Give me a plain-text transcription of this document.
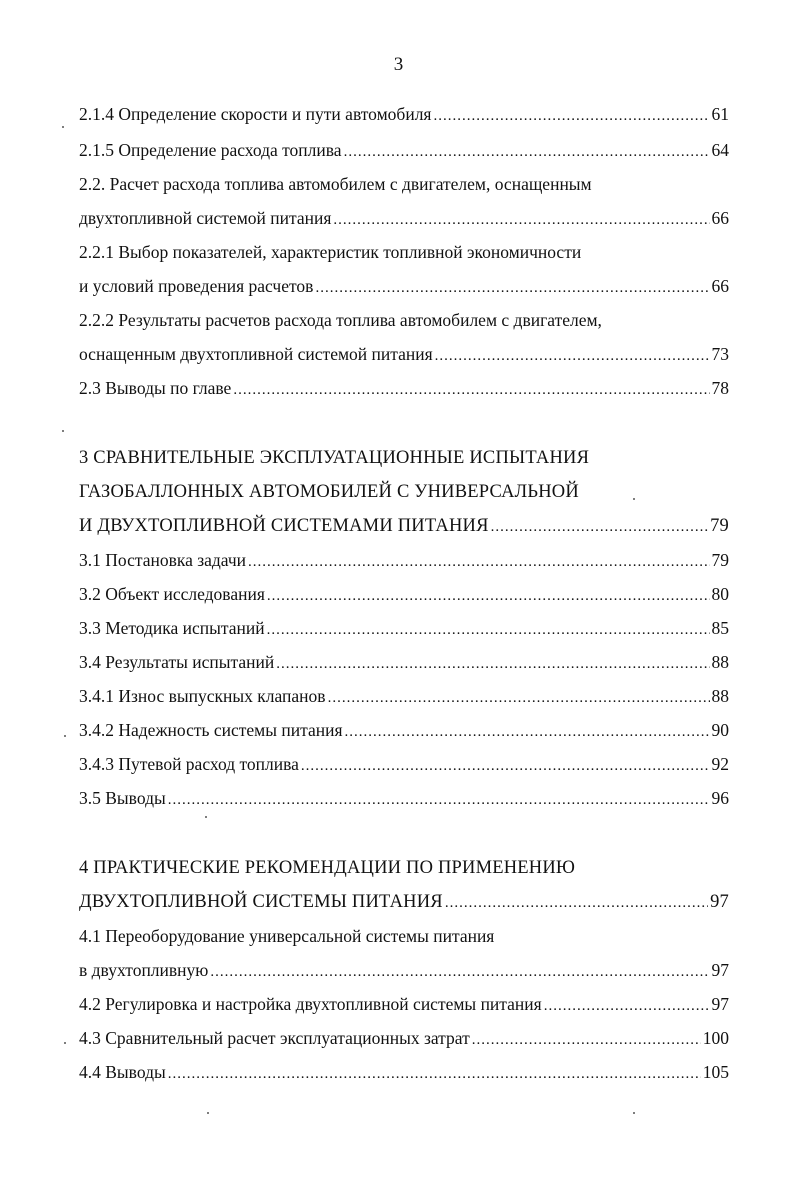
3
2.1.4 Определение скорости и пути автомобиля .....	61
2.1.5 Определение расхода топлива .....	64
2.2. Расчет расхода топлива автомобилем с двигателем, оснащенным
двухтопливной системой питания .....	66
2.2.1 Выбор показателей, характеристик топливной экономичности
и условий проведения расчетов .....	66
2.2.2 Результаты расчетов расхода топлива автомобилем с двигателем,
оснащенным двухтопливной системой питания .....	73
2.3 Выводы по главе .....	78
3 СРАВНИТЕЛЬНЫЕ ЭКСПЛУАТАЦИОННЫЕ ИСПЫТАНИЯ
ГАЗОБАЛЛОННЫХ АВТОМОБИЛЕЙ С УНИВЕРСАЛЬНОЙ
И ДВУХТОПЛИВНОЙ СИСТЕМАМИ ПИТАНИЯ .....	79
3.1 Постановка задачи .....	79
3.2 Объект исследования .....	80
3.3 Методика испытаний .....	85
3.4 Результаты испытаний .....	88
3.4.1 Износ выпускных клапанов .....	88
3.4.2 Надежность системы питания .....	90
3.4.3 Путевой расход топлива .....	92
3.5 Выводы .....	96
4 ПРАКТИЧЕСКИЕ РЕКОМЕНДАЦИИ ПО ПРИМЕНЕНИЮ
ДВУХТОПЛИВНОЙ СИСТЕМЫ ПИТАНИЯ .....	97
4.1 Переоборудование универсальной системы питания
в двухтопливную .....	97
4.2 Регулировка и настройка двухтопливной системы питания .....	97
4.3 Сравнительный расчет эксплуатационных затрат .....	100
4.4 Выводы .....	105
